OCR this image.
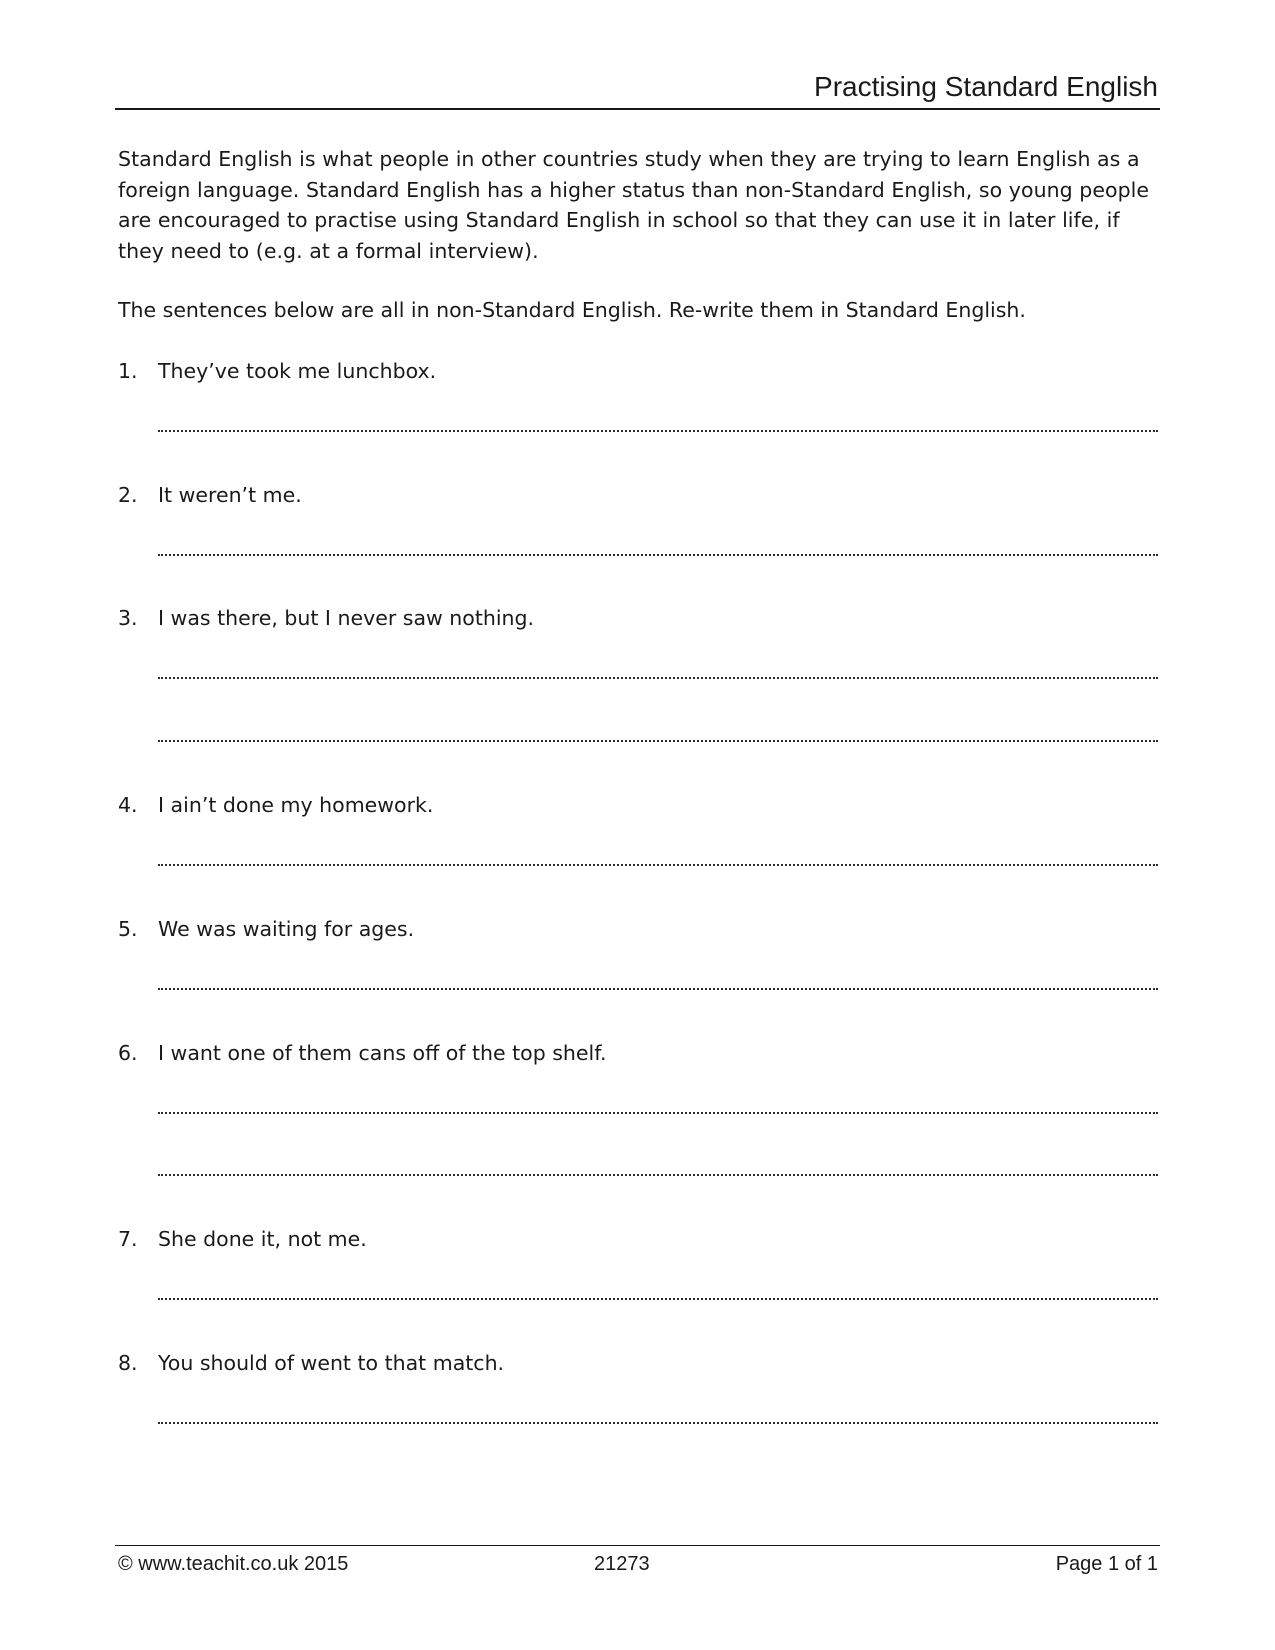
Practising Standard English

Standard English is what people in other countries study when they are trying to learn English as a foreign language. Standard English has a higher status than non-Standard English, so young people are encouraged to practise using Standard English in school so that they can use it in later life, if they need to (e.g. at a formal interview).

The sentences below are all in non-Standard English. Re-write them in Standard English.

1. They’ve took me lunchbox.
2. It weren’t me.
3. I was there, but I never saw nothing.
4. I ain’t done my homework.
5. We was waiting for ages.
6. I want one of them cans off of the top shelf.
7. She done it, not me.
8. You should of went to that match.
© www.teachit.co.uk 2015	21273	Page 1 of 1
